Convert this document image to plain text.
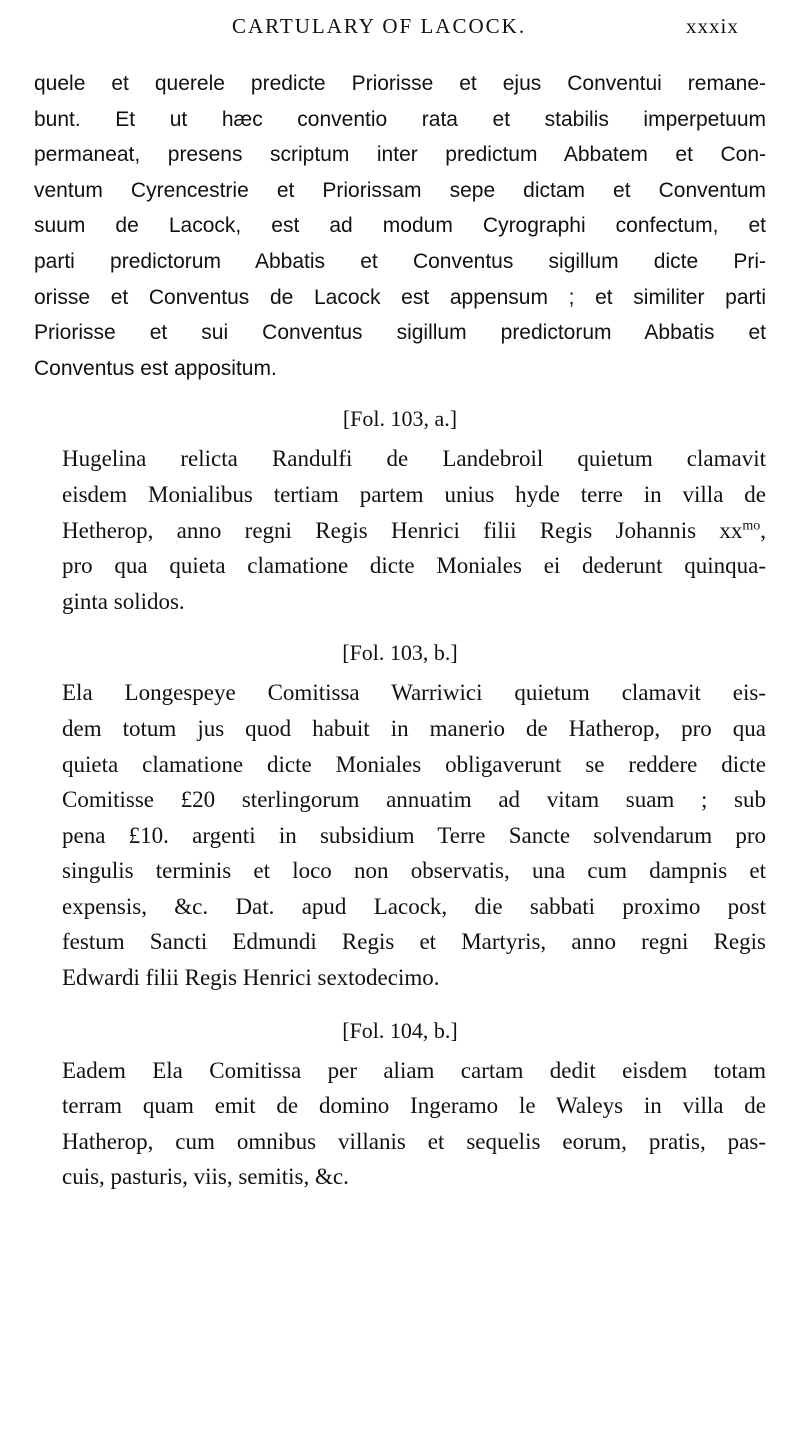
CARTULARY OF LACOCK.	xxxix

quele et querele predicte Priorisse et ejus Conventui remane-
bunt. Et ut hæc conventio rata et stabilis imperpetuum
permaneat, presens scriptum inter predictum Abbatem et Con-
ventum Cyrencestrie et Priorissam sepe dictam et Conventum
suum de Lacock, est ad modum Cyrographi confectum, et
parti predictorum Abbatis et Conventus sigillum dicte Pri-
orisse et Conventus de Lacock est appensum ; et similiter parti
Priorisse et sui Conventus sigillum predictorum Abbatis et
Conventus est appositum.

[Fol. 103, a.]

Hugelina relicta Randulfi de Landebroil quietum clamavit
eisdem Monialibus tertiam partem unius hyde terre in villa de
Hetherop, anno regni Regis Henrici filii Regis Johannis $xx^{mo}$,
pro qua quieta clamatione dicte Moniales ei dederunt quinqua-
ginta solidos.

[Fol. 103, b.]

Ela Longespeye Comitissa Warriwici quietum clamavit eis-
dem totum jus quod habuit in manerio de Hatherop, pro qua
quieta clamatione dicte Moniales obligaverunt se reddere dicte
Comitisse £20 sterlingorum annuatim ad vitam suam ; sub
pena £10. argenti in subsidium Terre Sancte solvendarum pro
singulis terminis et loco non observatis, una cum dampnis et
expensis, &c. Dat. apud Lacock, die sabbati proximo post
festum Sancti Edmundi Regis et Martyris, anno regni Regis
Edwardi filii Regis Henrici sextodecimo.

[Fol. 104, b.]

Eadem Ela Comitissa per aliam cartam dedit eisdem totam
terram quam emit de domino Ingeramo le Waleys in villa de
Hatherop, cum omnibus villanis et sequelis eorum, pratis, pas-
cuis, pasturis, viis, semitis, &c.
